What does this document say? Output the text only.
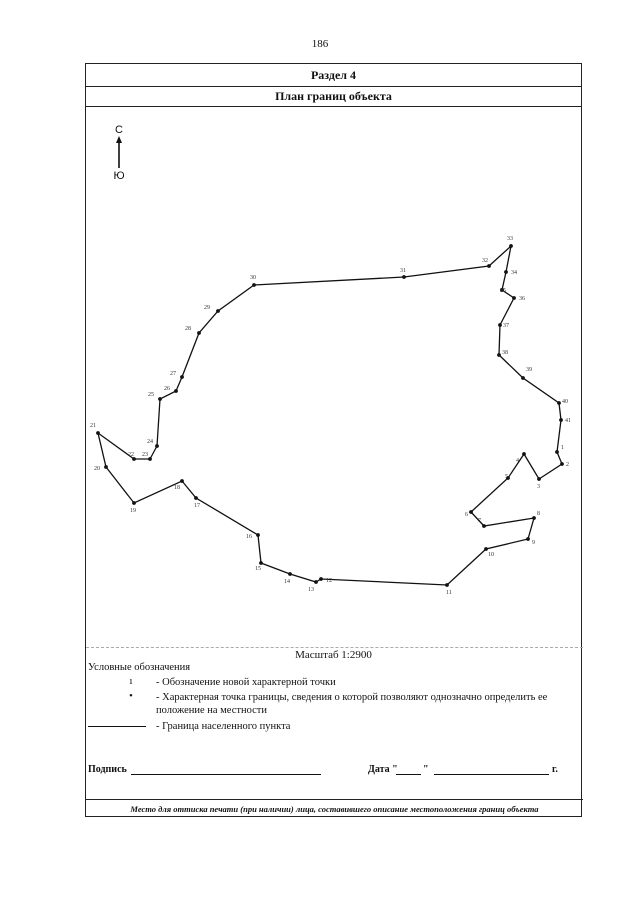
186
Раздел 4
План границ объекта
С
Ю
1
2
3
4
5
6
7
8
9
10
11
12
13
14
15
16
17
18
19
20
21
22 23
24
25
26
27
28
29
30
31
32
33
34
35
36
37
38
39
40
41
Масштаб 1:2900
Условные обозначения
ı	- Обозначение новой характерной точки
•	- Характерная точка границы, сведения о которой позволяют однозначно определить ее положение на местности
- Граница населенного пункта
Подпись	Дата "	"	г.
Место для оттиска печати (при наличии) лица, составившего описание местоположения границ объекта
